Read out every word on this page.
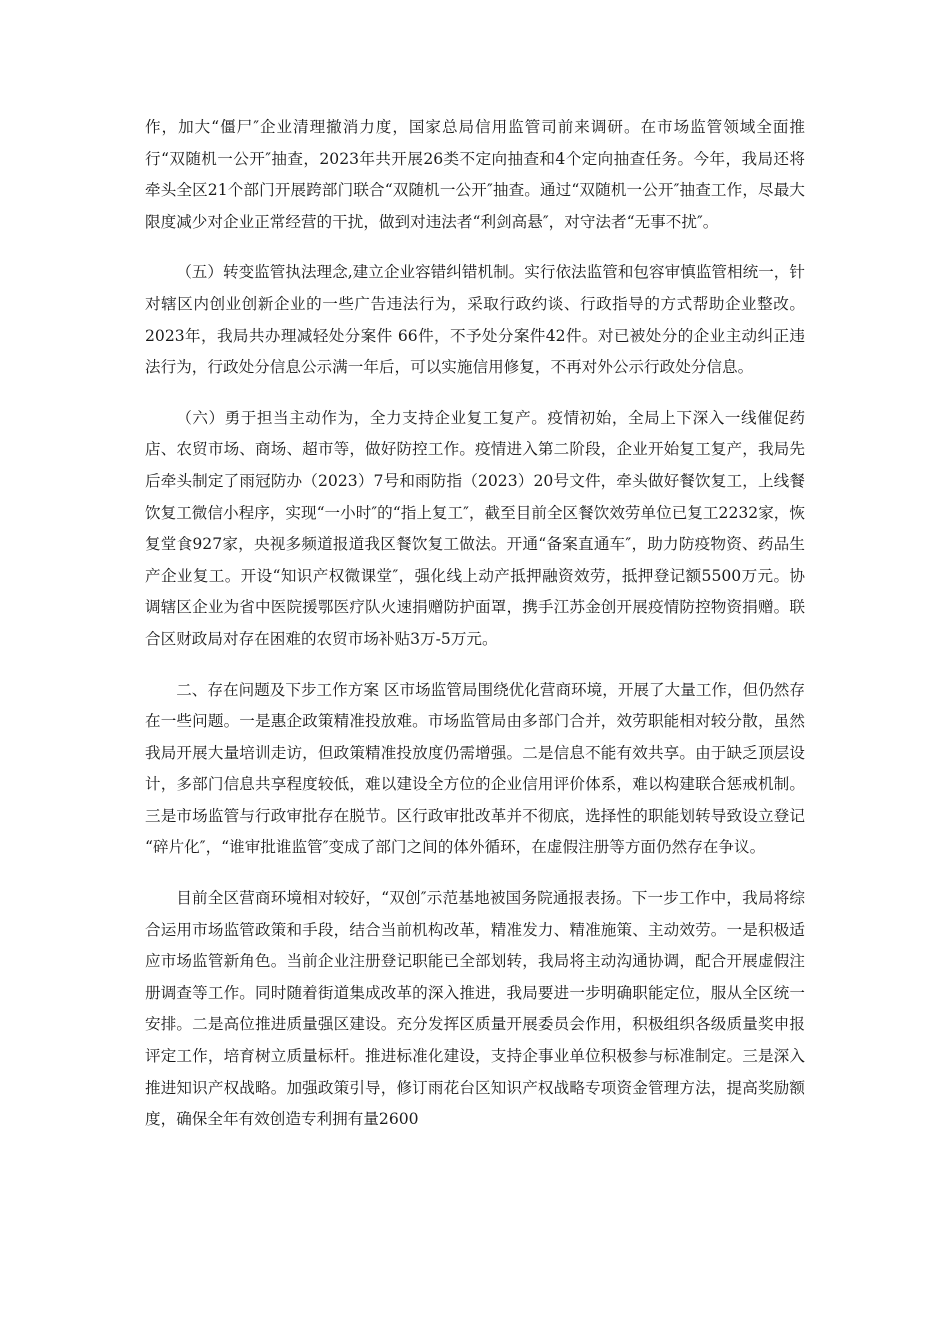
作，加大“僵尸″企业清理撤消力度，国家总局信用监管司前来调研。在市场监管领域全面推行“双随机一公开″抽查，2023年共开展26类不定向抽查和4个定向抽查任务。今年，我局还将牵头全区21个部门开展跨部门联合“双随机一公开″抽查。通过“双随机一公开″抽查工作，尽最大限度减少对企业正常经营的干扰，做到对违法者“利剑高悬″，对守法者“无事不扰″。

（五）转变监管执法理念,建立企业容错纠错机制。实行依法监管和包容审慎监管相统一，针对辖区内创业创新企业的一些广告违法行为，采取行政约谈、行政指导的方式帮助企业整改。2023年，我局共办理减轻处分案件 66件，不予处分案件42件。对已被处分的企业主动纠正违法行为，行政处分信息公示满一年后，可以实施信用修复，不再对外公示行政处分信息。

（六）勇于担当主动作为，全力支持企业复工复产。疫情初始，全局上下深入一线催促药店、农贸市场、商场、超市等，做好防控工作。疫情进入第二阶段，企业开始复工复产，我局先后牵头制定了雨冠防办（2023）7号和雨防指（2023）20号文件，牵头做好餐饮复工，上线餐饮复工微信小程序，实现“一小时″的“指上复工″，截至目前全区餐饮效劳单位已复工2232家，恢复堂食927家，央视多频道报道我区餐饮复工做法。开通“备案直通车″，助力防疫物资、药品生产企业复工。开设“知识产权微课堂″，强化线上动产抵押融资效劳，抵押登记额5500万元。协调辖区企业为省中医院援鄂医疗队火速捐赠防护面罩，携手江苏金创开展疫情防控物资捐赠。联合区财政局对存在困难的农贸市场补贴3万-5万元。

二、存在问题及下步工作方案 区市场监管局围绕优化营商环境，开展了大量工作，但仍然存在一些问题。一是惠企政策精准投放难。市场监管局由多部门合并，效劳职能相对较分散，虽然我局开展大量培训走访，但政策精准投放度仍需增强。二是信息不能有效共享。由于缺乏顶层设计，多部门信息共享程度较低，难以建设全方位的企业信用评价体系，难以构建联合惩戒机制。三是市场监管与行政审批存在脱节。区行政审批改革并不彻底，选择性的职能划转导致设立登记 “碎片化″，“谁审批谁监管″变成了部门之间的体外循环，在虚假注册等方面仍然存在争议。

目前全区营商环境相对较好，“双创″示范基地被国务院通报表扬。下一步工作中，我局将综合运用市场监管政策和手段，结合当前机构改革，精准发力、精准施策、主动效劳。一是积极适应市场监管新角色。当前企业注册登记职能已全部划转，我局将主动沟通协调，配合开展虚假注册调查等工作。同时随着街道集成改革的深入推进，我局要进一步明确职能定位，服从全区统一安排。二是高位推进质量强区建设。充分发挥区质量开展委员会作用，积极组织各级质量奖申报评定工作，培育树立质量标杆。推进标准化建设，支持企事业单位积极参与标准制定。三是深入推进知识产权战略。加强政策引导，修订雨花台区知识产权战略专项资金管理方法，提高奖励额度，确保全年有效创造专利拥有量2600
